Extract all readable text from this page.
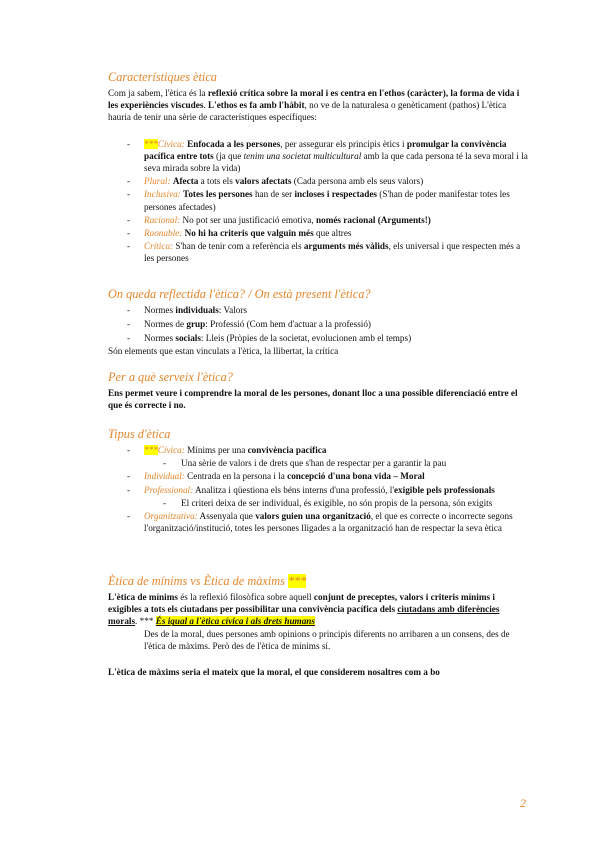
Característiques ètica

Com ja sabem, l'ètica és la reflexió crítica sobre la moral i es centra en l'ethos (caràcter), la forma de vida i les experiències viscudes. L'ethos es fa amb l'hàbit, no ve de la naturalesa o genèticament (pathos) L'ètica hauria de tenir una sèrie de característiques específiques:

- ***Cívica: Enfocada a les persones, per assegurar els principis ètics i promulgar la convivència pacífica entre tots (ja que tenim una societat multicultural amb la que cada persona té la seva moral i la seva mirada sobre la vida)
- Plural: Afecta a tots els valors afectats (Cada persona amb els seus valors)
- Inclusiva: Totes les persones han de ser incloses i respectades (S'han de poder manifestar totes les persones afectades)
- Racional: No pot ser una justificació emotiva, només racional (Arguments!)
- Raonable: No hi ha criteris que valguin més que altres
- Crítica: S'han de tenir com a referència els arguments més vàlids, els universal i que respecten més a les persones
On queda reflectida l'ètica? / On està present l'ètica?
- Normes individuals: Valors
- Normes de grup: Professió (Com hem d'actuar a la professió)
- Normes socials: Lleis (Pròpies de la societat, evolucionen amb el temps)

Són elements que estan vinculats a l'ètica, la llibertat, la crítica

Per a què serveix l'ètica?

Ens permet veure i comprendre la moral de les persones, donant lloc a una possible diferenciació entre el que és correcte i no.

Tipus d'ètica
- ***Cívica: Mínims per una convivència pacífica
- Una sèrie de valors i de drets que s'han de respectar per a garantir la pau
- Individual: Centrada en la persona i la concepció d'una bona vida – Moral
- Professional: Analitza i qüestiona els béns interns d'una professió, l'exigible pels professionals
- El criteri deixa de ser individual, és exigible, no són propis de la persona, són exigits
- Organitzativa: Assenyala que valors guien una organització, el que es correcte o incorrecte segons l'organització/institució, totes les persones lligades a la organització han de respectar la seva ètica
Ètica de mínims vs Ètica de màxims ***

L'ètica de mínims és la reflexió filosòfica sobre aquell conjunt de preceptes, valors i criteris mínims i exigibles a tots els ciutadans per possibilitar una convivència pacífica dels ciutadans amb diferències morals. *** És igual a l'ètica cívica i als drets humans

Des de la moral, dues persones amb opinions o principis diferents no arribaren a un consens, des de l'ètica de màxims. Però des de l'ètica de mínims sí.

L'ètica de màxims seria el mateix que la moral, el que considerem nosaltres com a bo

2
